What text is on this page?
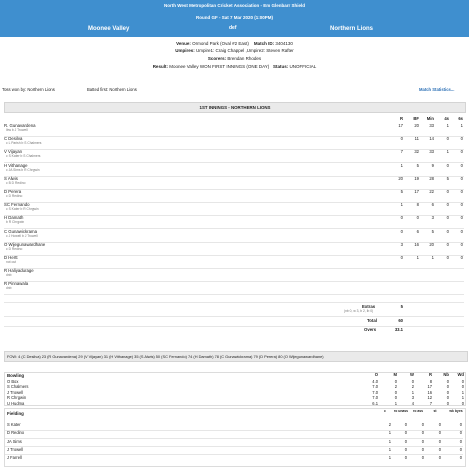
North West Metropolitan Cricket Association - Em Glenbarr Shield
Round GF - Sat 7 Mar 2020 (1:00PM)
Moonee Valley	def	Northern Lions
Venue: Ormond Park (Oval #2 East) Match ID: 3404130
Umpires: Umpire1: Craig Chappel ,Umpire2: Steven Rafter
Scorers: Brendan Rhodes
Result: Moonee Valley WON FIRST INNINGS (ONE DAY) Status: UNOFFICIAL
Toss won by: Northern Lions	Batted first: Northern Lions	Match Statistics...
1ST INNINGS - NORTHERN LIONS
R	BF	Min	4s	6s
R. Gunavardena
lbw b J Trowell
17	20	33	1	1
C Desilva
c L Parish b S Chalmers
0	11	14	0	0
V Vijayan
c S Kater b S Chalmers
7	32	33	1	0
H Vithanage
c JA Sims b R Chrgwin
1	5	9	0	0
S Alwis
c B D Redino
20	19	28	5	0
D Perera
c D Redino
5	17	22	0	0
SC Fernando
c S Kater b R Chrgwin
1	8	6	0	0
H Damath
b R Chrgwin
0	0	3	0	0
C Gunawickrama
c J Howell b J Trowell
0	6	5	0	0
O Wijegunawardhane
c D Redino
3	16	20	0	0
D Hertt
not out
0	1	1	0	0
R Haliyadurage
dnb
R Pinnawala
dnb
Extras
(nb 0, w 3, b 2, lb 0)
5
Total	60
Overs	33.1
FOW: 4 (C Desilva) 23 (R Gunavardena) 29 (V Vijayan) 31 (H Vithanage) 35 (S Alwis) 50 (SC Fernando) 74 (H Damath) 78 (C Gunawickrama) 79 (D Perera) 80 (O Wijegunawardhane)
Bowling	O	M	W	R	Nb	Wd
O Box	4.0	0	0	8	0	0
S Chalmers	7.0	2	2	17	0	0
J Trowell	7.0	0	1	16	0	1
R Chrgwin	7.0	0	3	12	0	1
U Hudma	6.1	1	4	7	0	0
Fielding	c	ro unass	ro ass	st	wk byes
S Kater	2	0	0	0	0
D Redino	1	0	0	0	0
JA Sims	1	0	0	0	0
J Trowell	1	0	0	0	0
J Farrell	1	0	0	0	0
